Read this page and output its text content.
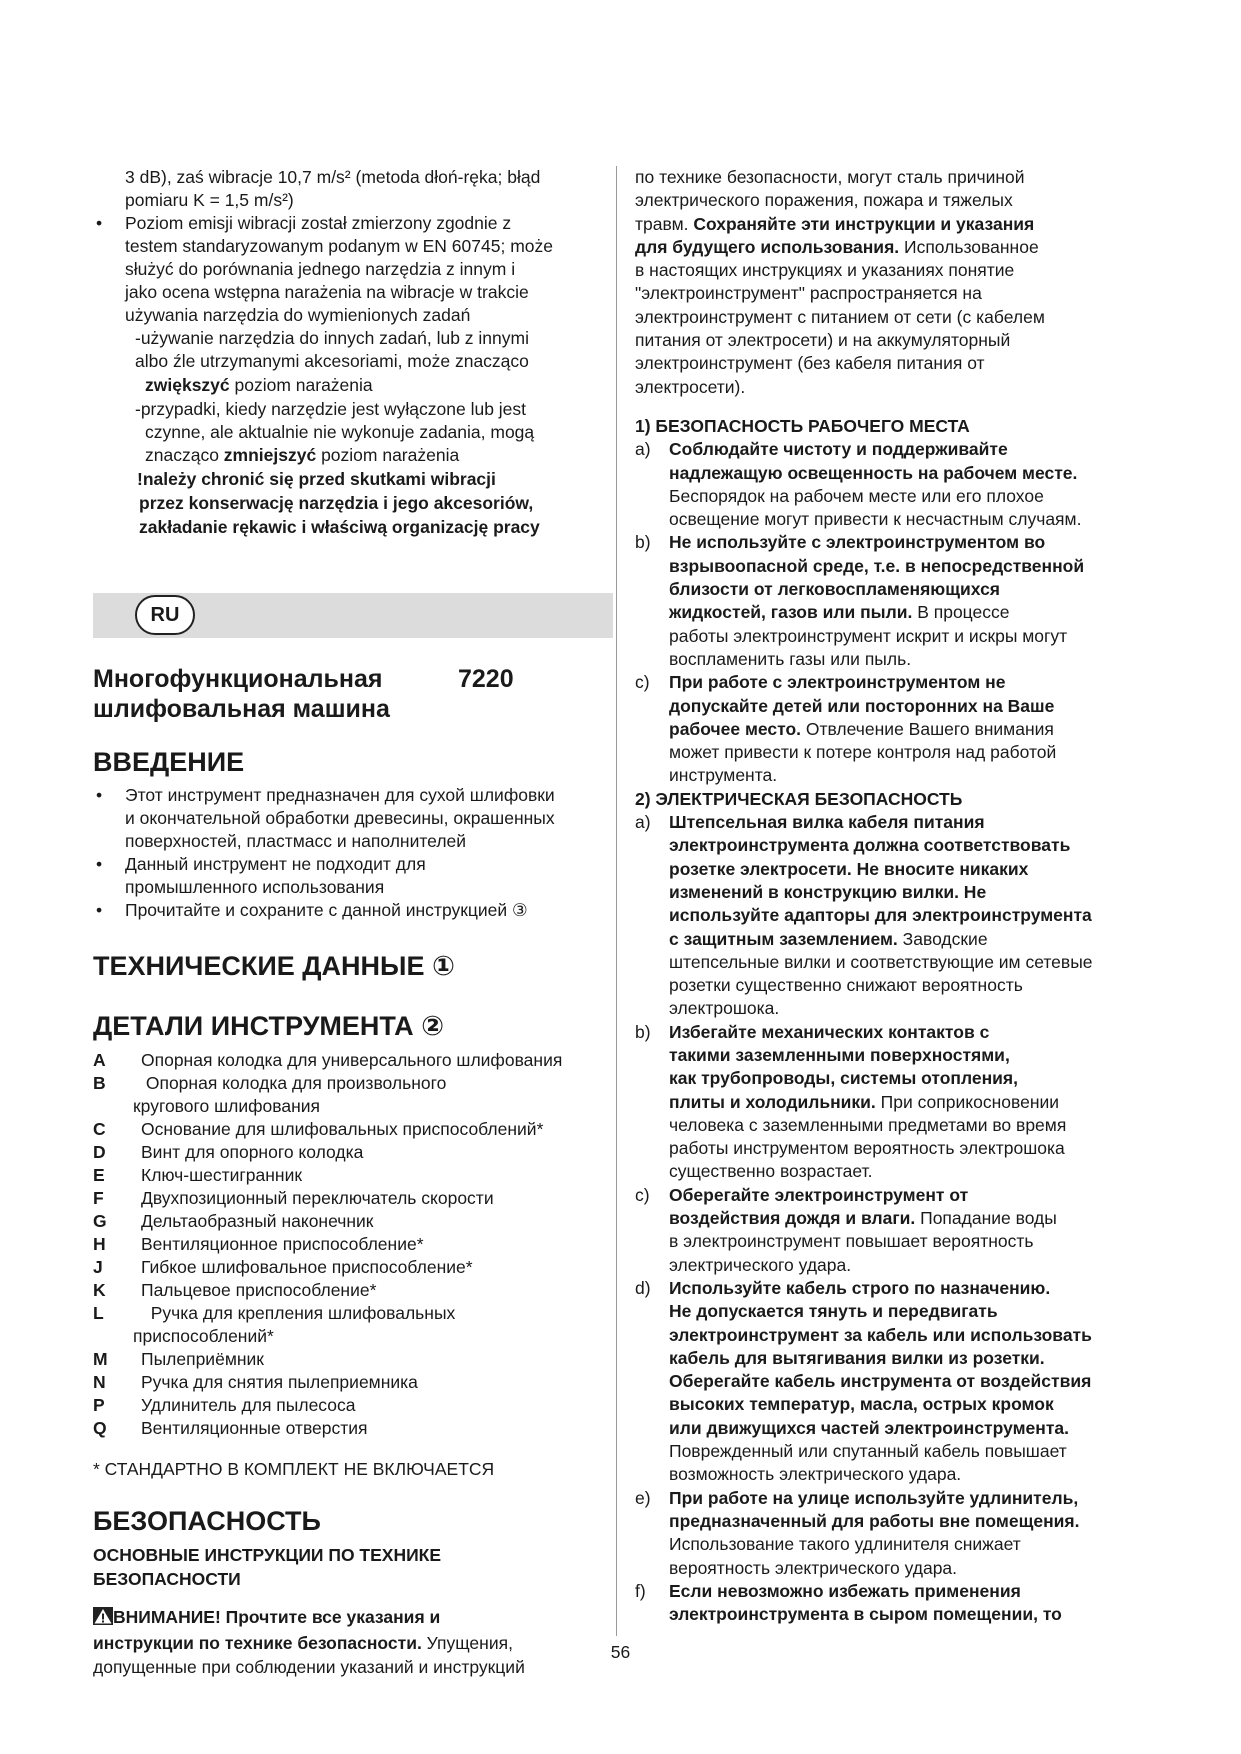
3 dB), zaś wibracje 10,7 m/s² (metoda dłoń-ręka; błąd

pomiaru K = 1,5 m/s²)

• Poziom emisji wibracji został zmierzony zgodnie z
testem standaryzowanym podanym w EN 60745; może
służyć do porównania jednego narzędzia z innym i
jako ocena wstępna narażenia na wibracje w trakcie
używania narzędzia do wymienionych zadań
-używanie narzędzia do innych zadań, lub z innymi
albo źle utrzymanymi akcesoriami, może znacząco
zwiększyć poziom narażenia
-przypadki, kiedy narzędzie jest wyłączone lub jest
czynne, ale aktualnie nie wykonuje zadania, mogą
znacząco zmniejszyć poziom narażenia
!należy chronić się przed skutkami wibracji
przez konserwację narzędzia i jego akcesoriów,
zakładanie rękawic i właściwą organizację pracy
RU
Многофункциональная
шлифовальная машина
7220
ВВЕДЕНИЕ
• Этот инструмент предназначен для сухой шлифовки
и окончательной обработки древесины, окрашенных
поверхностей, пластмасс и наполнителей
• Данный инструмент не подходит для
промышленного использования
• Прочитайте и сохраните с данной инструкцией ③
ТЕХНИЧЕСКИЕ ДАННЫЕ ①
ДЕТАЛИ ИНСТРУМЕНТА ②
A	Опорная колодка для универсального шлифования
B	Опорная колодка для произвольного
кругового шлифования
C	Основание для шлифовальных приспособлений*
D	Винт для опорного колодка
E	Ключ-шестигранник
F	Двухпозиционный переключатель скорости
G	Дельтаобразный наконечник
H	Вентиляционное приспособление*
J	Гибкое шлифовальное приспособление*
K	Пальцевое приспособление*
L	Ручка для крепления шлифовальных
приспособлений*
M	Пылеприёмник
N	Ручка для снятия пылеприемника
P	Удлинитель для пылесоса
Q	Вентиляционные отверстия

* СТАНДАРТНО В КОМПЛЕКТ НЕ ВКЛЮЧАЕТСЯ

БЕЗОПАСНОСТЬ
ОСНОВНЫЕ ИНСТРУКЦИИ ПО ТЕХНИКЕ
БЕЗОПАСНОСТИ
ВНИМАНИЕ! Прочтите все указания и
инструкции по технике безопасности. Упущения,
допущенные при соблюдении указаний и инструкций

по технике безопасности, могут сталь причиной

электрического поражения, пожара и тяжелых

травм. Сохраняйте эти инструкции и указания

для будущего использования. Использованное

в настоящих инструкциях и указаниях понятие

"электроинструмент" распространяется на

электроинструмент с питанием от сети (с кабелем

питания от электросети) и на аккумуляторный

электроинструмент (без кабеля питания от

электросети).

1) БЕЗОПАСНОСТЬ РАБОЧЕГО МЕСТА

a) Соблюдайте чистоту и поддерживайте
надлежащую освещенность на рабочем месте.
Беспорядок на рабочем месте или его плохое
освещение могут привести к несчастным случаям.
b) Не используйте с электроинструментом во
взрывоопасной среде, т.е. в непосредственной
близости от легковоспламеняющихся
жидкостей, газов или пыли. В процессе
работы электроинструмент искрит и искры могут
воспламенить газы или пыль.
c) При работе с электроинструментом не
допускайте детей или посторонних на Ваше
рабочее место. Отвлечение Вашего внимания
может привести к потере контроля над работой
инструмента.

2) ЭЛЕКТРИЧЕСКАЯ БЕЗОПАСНОСТЬ

a) Штепсельная вилка кабеля питания
электроинструмента должна соответствовать
розетке электросети. Не вносите никаких
изменений в конструкцию вилки. Не
используйте адапторы для электроинструмента
с защитным заземлением. Заводские
штепсельные вилки и соответствующие им сетевые
розетки существенно снижают вероятность
электрошока.
b) Избегайте механических контактов с
такими заземленными поверхностями,
как трубопроводы, системы отопления,
плиты и холодильники. При соприкосновении
человека с заземленными предметами во время
работы инструментом вероятность электрошока
существенно возрастает.
c) Оберегайте электроинструмент от
воздействия дождя и влаги. Попадание воды
в электроинструмент повышает вероятность
электрического удара.
d) Используйте кабель строго по назначению.
Не допускается тянуть и передвигать
электроинструмент за кабель или использовать
кабель для вытягивания вилки из розетки.
Оберегайте кабель инструмента от воздействия
высоких температур, масла, острых кромок
или движущихся частей электроинструмента.
Поврежденный или спутанный кабель повышает
возможность электрического удара.
e) При работе на улице используйте удлинитель,
предназначенный для работы вне помещения.
Использование такого удлинителя снижает
вероятность электрического удара.
f) Если невозможно избежать применения
электроинструмента в сыром помещении, то
56
